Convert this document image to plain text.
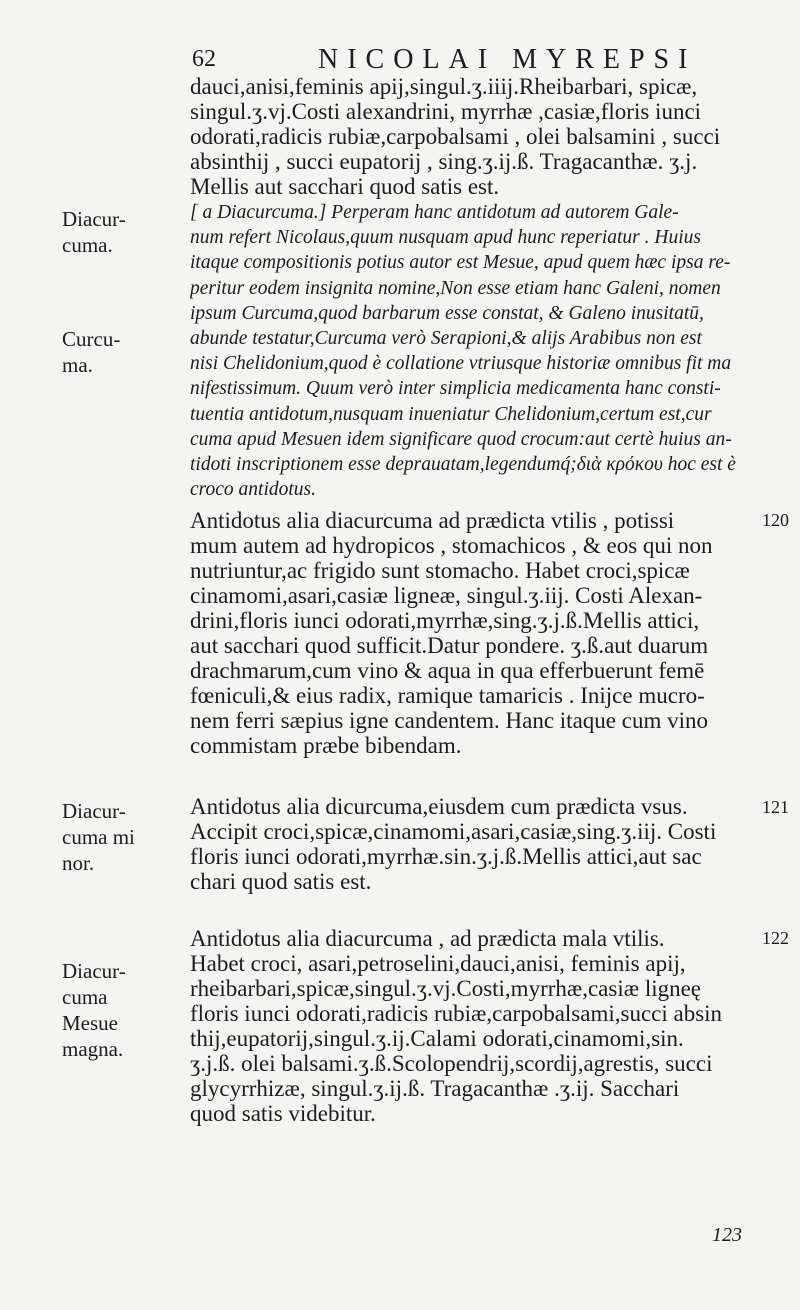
62	NICOLAI MYREPSI
dauci,anisi,feminis apij,singul.ʒ.iiij.Rheibarbari, spicæ,
singul.ʒ.vj.Costi alexandrini, myrrhæ ,casiæ,floris iunci
odorati,radicis rubiæ,carpobalsami , olei balsamini , succi
absinthij , succi eupatorij , sing.ʒ.ij.ß. Tragacanthæ. ʒ.j.
Mellis aut sacchari quod satis est.
[ a Diacurcuma.] Perperam hanc antidotum ad autorem Gale-
num refert Nicolaus,quum nusquam apud hunc reperiatur . Huius
itaque compositionis potius autor est Mesue, apud quem hæc ipsa re-
peritur eodem insignita nomine,Non esse etiam hanc Galeni, nomen
ipsum Curcuma,quod barbarum esse constat, & Galeno inusitatū,
abunde testatur,Curcuma verò Serapioni,& alijs Arabibus non est
nisi Chelidonium,quod è collatione vtriusque historiæ omnibus fit ma
nifestissimum. Quum verò inter simplicia medicamenta hanc consti-
tuentia antidotum,nusquam inueniatur Chelidonium,certum est,cur
cuma apud Mesuen idem significare quod crocum:aut certè huius an-
tidoti inscriptionem esse deprauatam,legendumq́;διὰ κρόκου hoc est è
croco antidotus.
Antidotus alia diacurcuma ad prædicta vtilis , potissi
mum autem ad hydropicos , stomachicos , & eos qui non
nutriuntur,ac frigido sunt stomacho. Habet croci,spicæ
cinamomi,asari,casiæ ligneæ, singul.ʒ.iij. Costi Alexan-
drini,floris iunci odorati,myrrhæ,sing.ʒ.j.ß.Mellis attici,
aut sacchari quod sufficit.Datur pondere. ʒ.ß.aut duarum
drachmarum,cum vino & aqua in qua efferbuerunt femē
fœniculi,& eius radix, ramique tamaricis . Inijce mucro-
nem ferri sæpius igne candentem. Hanc itaque cum vino
commistam præbe bibendam.
Antidotus alia dicurcuma,eiusdem cum prædicta vsus.
Accipit croci,spicæ,cinamomi,asari,casiæ,sing.ʒ.iij. Costi
floris iunci odorati,myrrhæ.sin.ʒ.j.ß.Mellis attici,aut sac
chari quod satis est.
Antidotus alia diacurcuma , ad prædicta mala vtilis.
Habet croci, asari,petroselini,dauci,anisi, feminis apij,
rheibarbari,spicæ,singul.ʒ.vj.Costi,myrrhæ,casiæ ligneę
floris iunci odorati,radicis rubiæ,carpobalsami,succi absin
thij,eupatorij,singul.ʒ.ij.Calami odorati,cinamomi,sin.
ʒ.j.ß. olei balsami.ʒ.ß.Scolopendrij,scordij,agrestis, succi
glycyrrhizæ, singul.ʒ.ij.ß. Tragacanthæ .ʒ.ij. Sacchari
quod satis videbitur.
Diacur-
cuma.
Curcu-
ma.
Diacur-
cuma mi
nor.
Diacur-
cuma
Mesue
magna.
120
121
122
123
